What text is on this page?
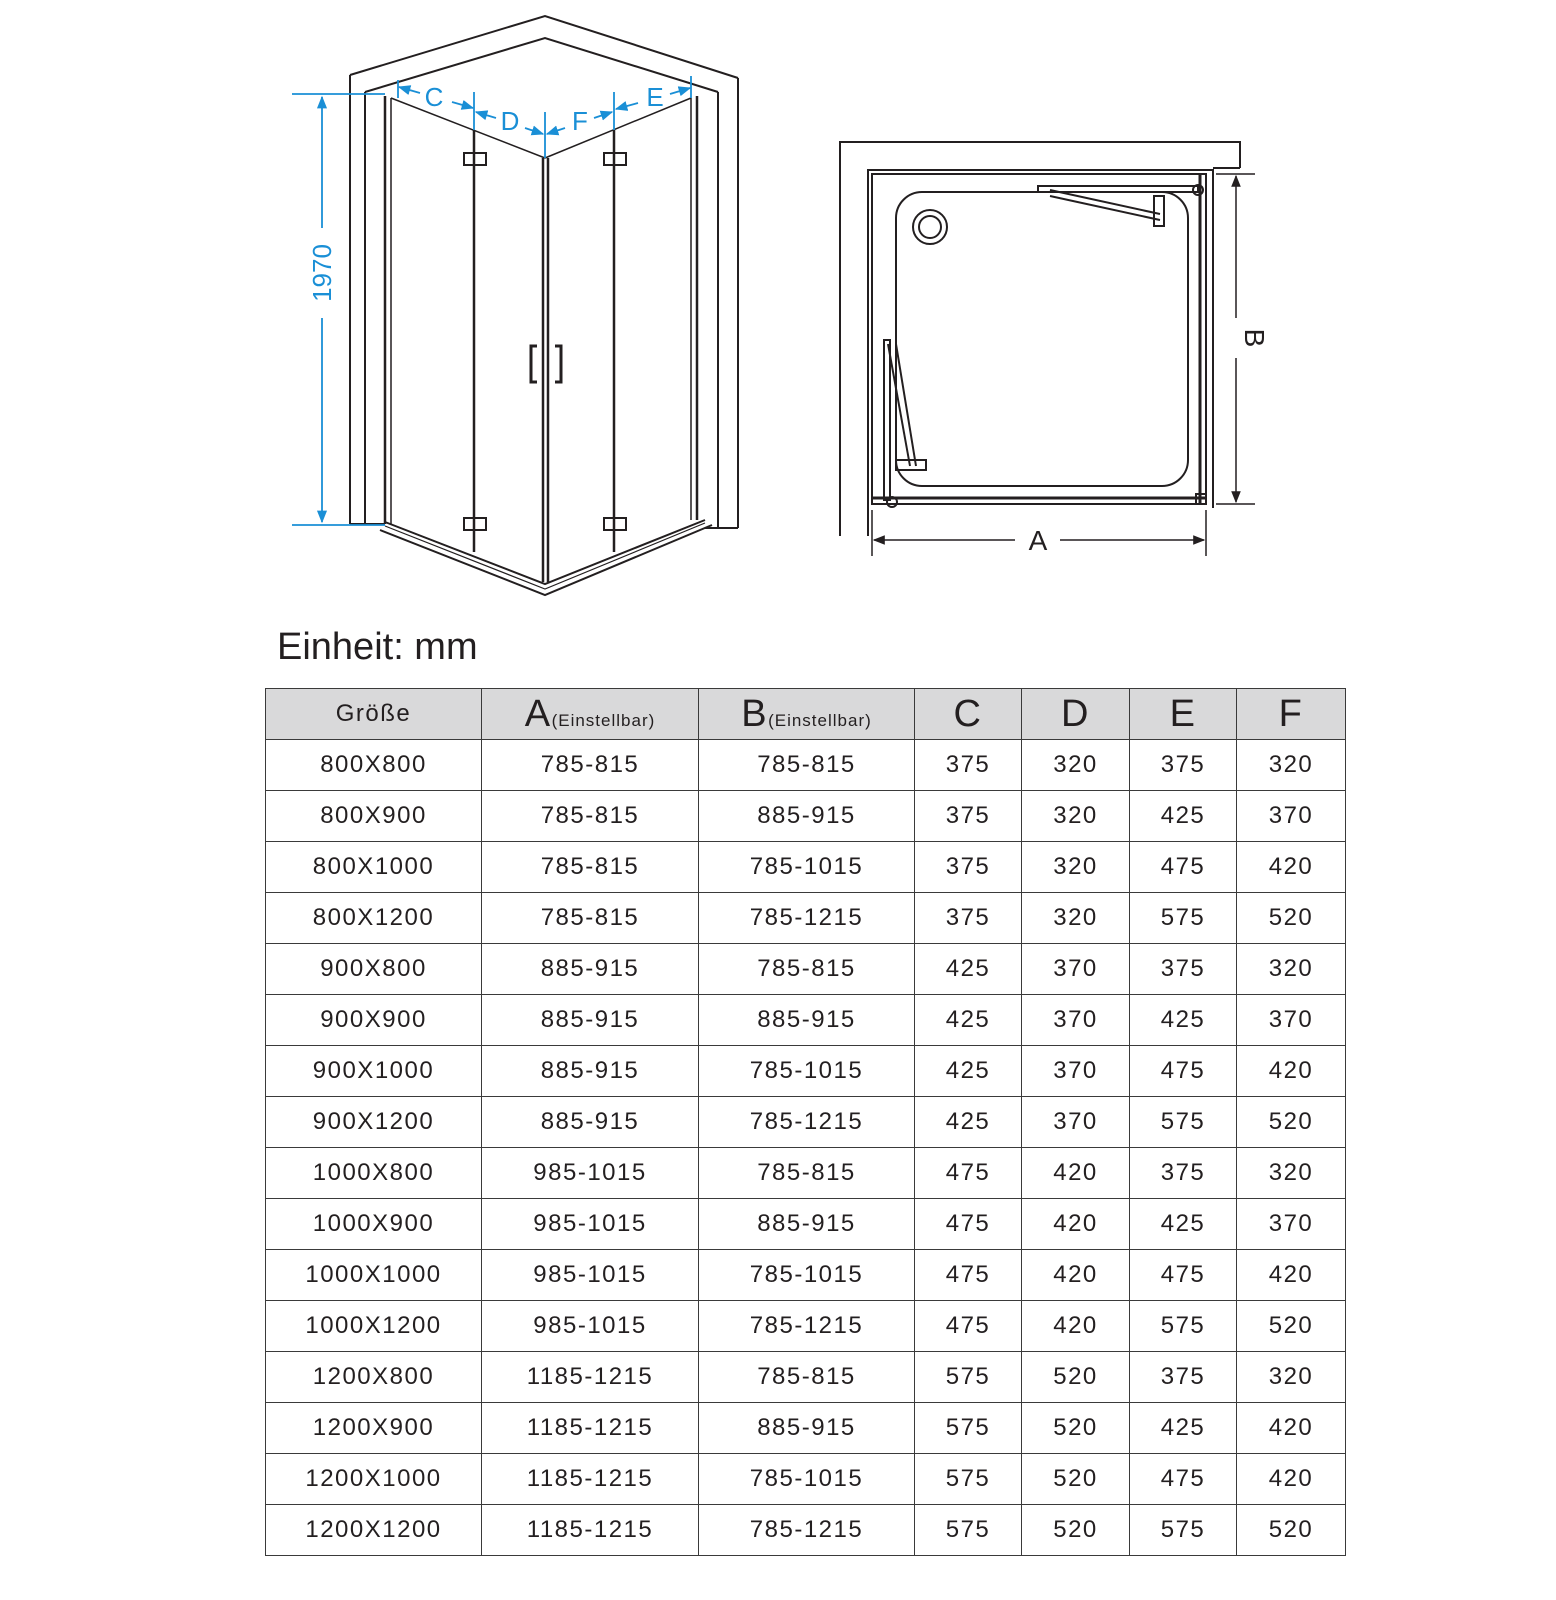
C
D F
E
1970
A
B
Einheit: mm
Größe	A(Einstellbar)	B(Einstellbar)	C	D	E	F
800X800	785-815	785-815	375	320	375	320
800X900	785-815	885-915	375	320	425	370
800X1000	785-815	785-1015	375	320	475	420
800X1200	785-815	785-1215	375	320	575	520
900X800	885-915	785-815	425	370	375	320
900X900	885-915	885-915	425	370	425	370
900X1000	885-915	785-1015	425	370	475	420
900X1200	885-915	785-1215	425	370	575	520
1000X800	985-1015	785-815	475	420	375	320
1000X900	985-1015	885-915	475	420	425	370
1000X1000	985-1015	785-1015	475	420	475	420
1000X1200	985-1015	785-1215	475	420	575	520
1200X800	1185-1215	785-815	575	520	375	320
1200X900	1185-1215	885-915	575	520	425	420
1200X1000	1185-1215	785-1015	575	520	475	420
1200X1200	1185-1215	785-1215	575	520	575	520
